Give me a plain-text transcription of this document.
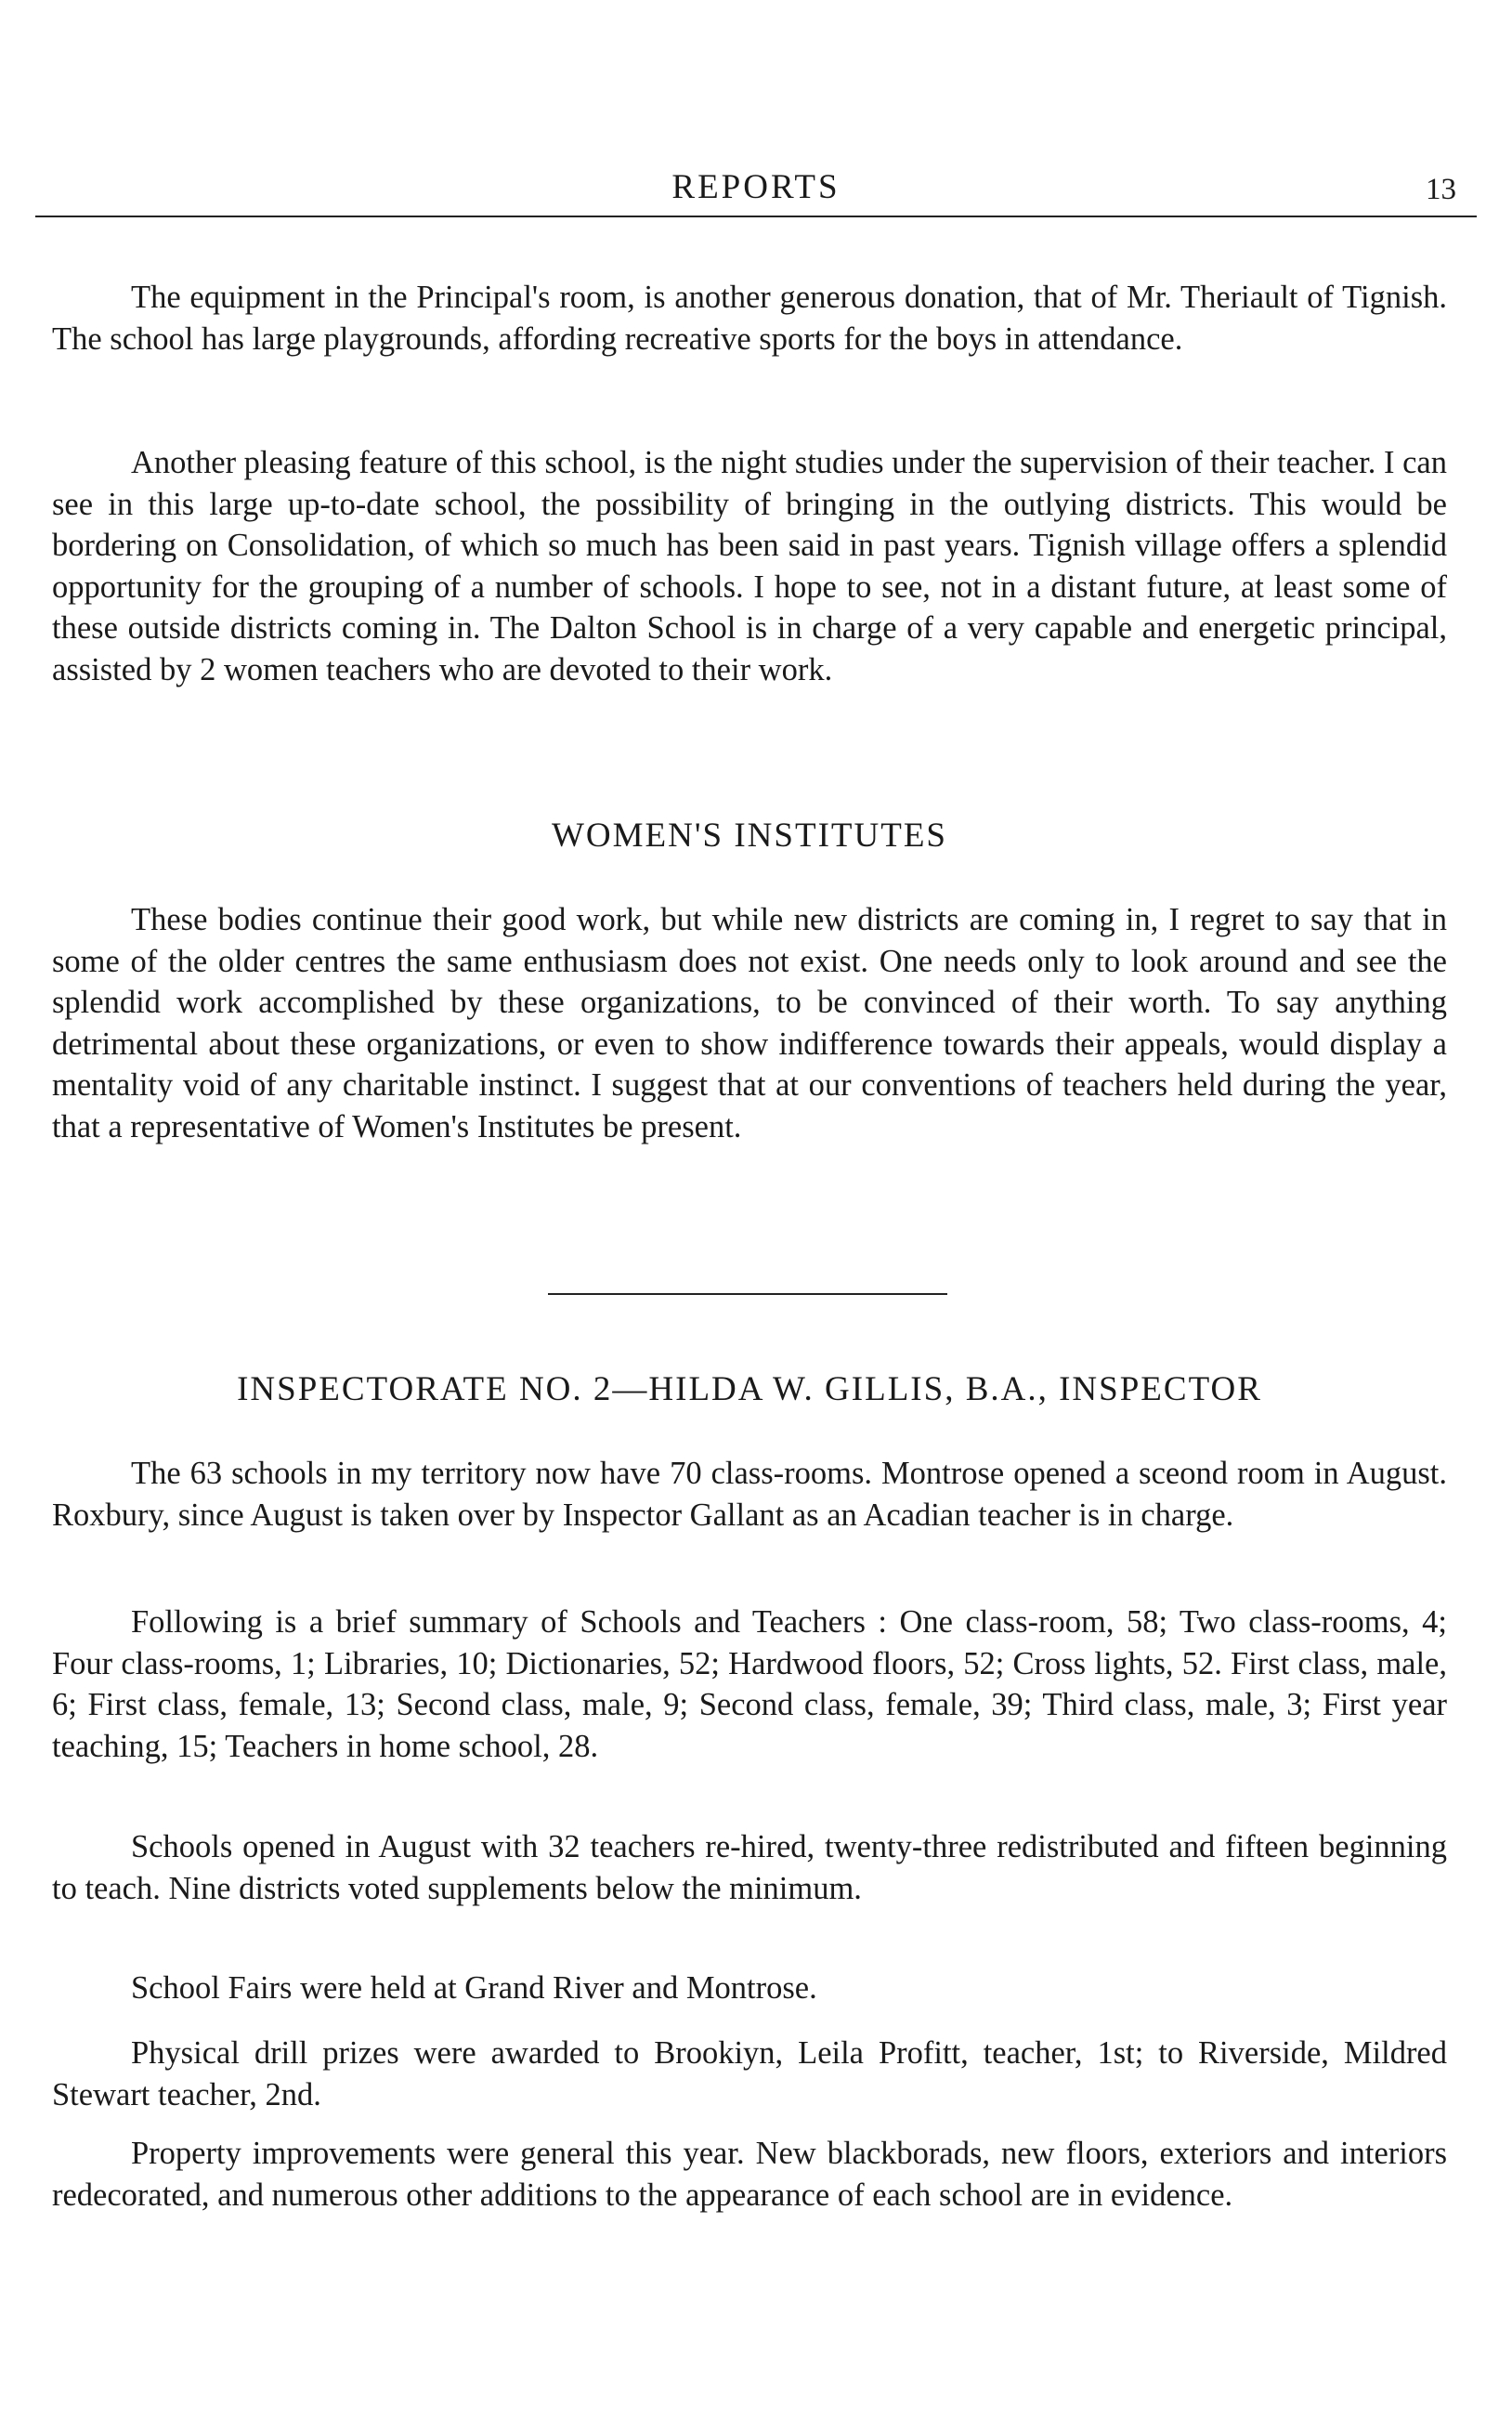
REPORTS	13

The equipment in the Principal's room, is another generous donation, that of Mr. Theriault of Tignish. The school has large playgrounds, affording recreative sports for the boys in attendance.

Another pleasing feature of this school, is the night studies under the supervision of their teacher. I can see in this large up-to-date school, the possibility of bringing in the outlying districts. This would be bordering on Consolidation, of which so much has been said in past years. Tignish village offers a splendid opportunity for the grouping of a number of schools. I hope to see, not in a distant future, at least some of these outside districts coming in. The Dalton School is in charge of a very capable and energetic principal, assisted by 2 women teachers who are devoted to their work.

WOMEN'S INSTITUTES

These bodies continue their good work, but while new districts are coming in, I regret to say that in some of the older centres the same enthusiasm does not exist. One needs only to look around and see the splendid work accomplished by these organizations, to be convinced of their worth. To say anything detrimental about these organizations, or even to show indifference towards their appeals, would display a mentality void of any charitable instinct. I suggest that at our conventions of teachers held during the year, that a representative of Women's Institutes be present.

INSPECTORATE NO. 2—HILDA W. GILLIS, B.A., INSPECTOR

The 63 schools in my territory now have 70 class-rooms. Montrose opened a sceond room in August. Roxbury, since August is taken over by Inspector Gallant as an Acadian teacher is in charge.

Following is a brief summary of Schools and Teachers : One class-room, 58; Two class-rooms, 4; Four class-rooms, 1; Libraries, 10; Dictionaries, 52; Hardwood floors, 52; Cross lights, 52. First class, male, 6; First class, female, 13; Second class, male, 9; Second class, female, 39; Third class, male, 3; First year teaching, 15; Teachers in home school, 28.

Schools opened in August with 32 teachers re-hired, twenty-three redistributed and fifteen beginning to teach. Nine districts voted supplements below the minimum.

School Fairs were held at Grand River and Montrose.

Physical drill prizes were awarded to Brookiyn, Leila Profitt, teacher, 1st; to Riverside, Mildred Stewart teacher, 2nd.

Property improvements were general this year. New blackborads, new floors, exteriors and interiors redecorated, and numerous other additions to the appearance of each school are in evidence.
